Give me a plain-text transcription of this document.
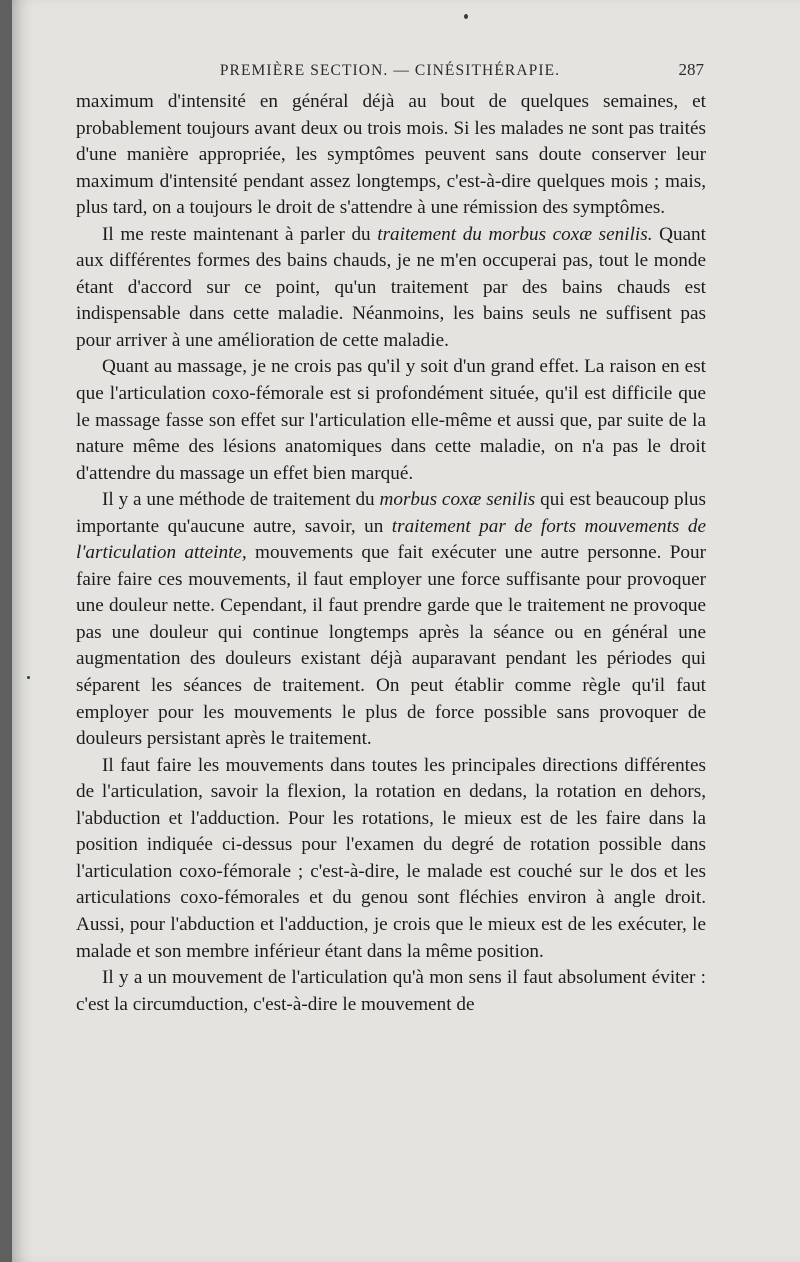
PREMIÈRE SECTION. — CINÉSITHÉRAPIE.	287

maximum d'intensité en général déjà au bout de quelques semaines, et probablement toujours avant deux ou trois mois. Si les malades ne sont pas traités d'une manière appropriée, les symptômes peuvent sans doute conserver leur maximum d'intensité pendant assez longtemps, c'est-à-dire quelques mois ; mais, plus tard, on a toujours le droit de s'attendre à une rémission des symptômes.

Il me reste maintenant à parler du traitement du morbus coxæ senilis. Quant aux différentes formes des bains chauds, je ne m'en occuperai pas, tout le monde étant d'accord sur ce point, qu'un traitement par des bains chauds est indispensable dans cette maladie. Néanmoins, les bains seuls ne suffisent pas pour arriver à une amélioration de cette maladie.

Quant au massage, je ne crois pas qu'il y soit d'un grand effet. La raison en est que l'articulation coxo-fémorale est si profondément située, qu'il est difficile que le massage fasse son effet sur l'articulation elle-même et aussi que, par suite de la nature même des lésions anatomiques dans cette maladie, on n'a pas le droit d'attendre du massage un effet bien marqué.

Il y a une méthode de traitement du morbus coxæ senilis qui est beaucoup plus importante qu'aucune autre, savoir, un traitement par de forts mouvements de l'articulation atteinte, mouvements que fait exécuter une autre personne. Pour faire faire ces mouvements, il faut employer une force suffisante pour provoquer une douleur nette. Cependant, il faut prendre garde que le traitement ne provoque pas une douleur qui continue longtemps après la séance ou en général une augmentation des douleurs existant déjà auparavant pendant les périodes qui séparent les séances de traitement. On peut établir comme règle qu'il faut employer pour les mouvements le plus de force possible sans provoquer de douleurs persistant après le traitement.

Il faut faire les mouvements dans toutes les principales directions différentes de l'articulation, savoir la flexion, la rotation en dedans, la rotation en dehors, l'abduction et l'adduction. Pour les rotations, le mieux est de les faire dans la position indiquée ci-dessus pour l'examen du degré de rotation possible dans l'articulation coxo-fémorale ; c'est-à-dire, le malade est couché sur le dos et les articulations coxo-fémorales et du genou sont fléchies environ à angle droit. Aussi, pour l'abduction et l'adduction, je crois que le mieux est de les exécuter, le malade et son membre inférieur étant dans la même position.

Il y a un mouvement de l'articulation qu'à mon sens il faut absolument éviter : c'est la circumduction, c'est-à-dire le mouvement de
